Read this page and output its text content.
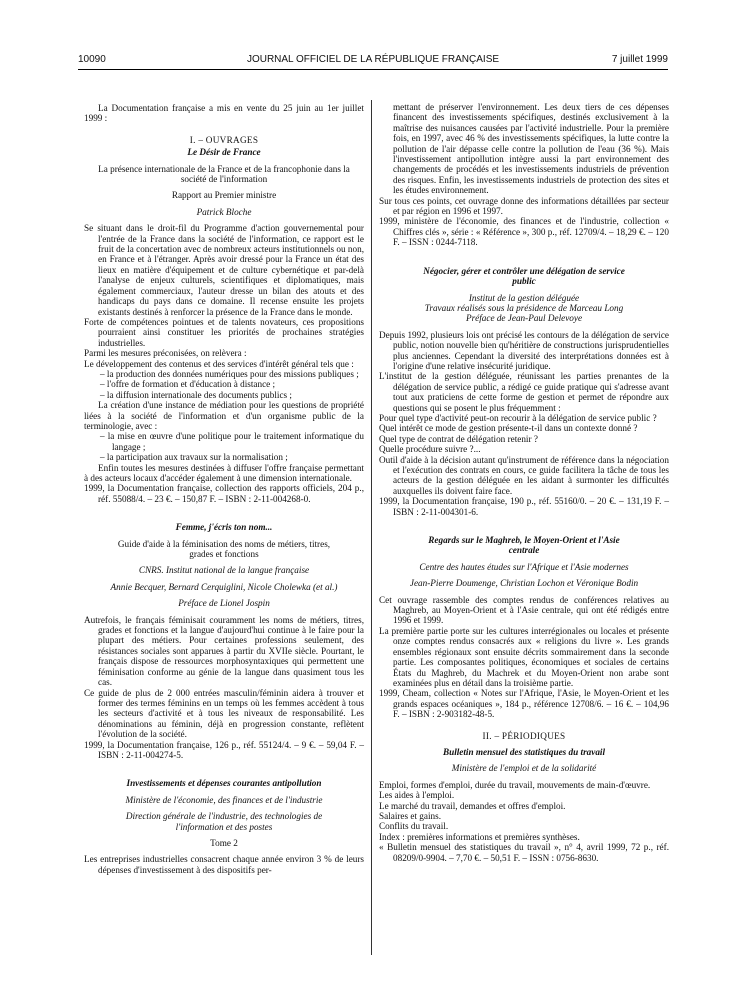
10090	JOURNAL OFFICIEL DE LA RÉPUBLIQUE FRANÇAISE	7 juillet 1999

La Documentation française a mis en vente du 25 juin au 1er juillet 1999 :

I. – OUVRAGES

Le Désir de France

La présence internationale de la France et de la francophonie dans la société de l'information

Rapport au Premier ministre

Patrick Bloche

Se situant dans le droit-fil du Programme d'action gouvernemental pour l'entrée de la France dans la société de l'information, ce rapport est le fruit de la concertation avec de nombreux acteurs institutionnels ou non, en France et à l'étranger. Après avoir dressé pour la France un état des lieux en matière d'équipement et de culture cybernétique et par-delà l'analyse de enjeux culturels, scientifiques et diplomatiques, mais également commerciaux, l'auteur dresse un bilan des atouts et des handicaps du pays dans ce domaine. Il recense ensuite les projets existants destinés à renforcer la présence de la France dans le monde.

Forte de compétences pointues et de talents novateurs, ces propositions pourraient ainsi constituer les priorités de prochaines stratégies industrielles.

Parmi les mesures préconisées, on relèvera :

Le développement des contenus et des services d'intérêt général tels que :

– la production des données numériques pour des missions publiques ;

– l'offre de formation et d'éducation à distance ;

– la diffusion internationale des documents publics ;

La création d'une instance de médiation pour les questions de propriété liées à la société de l'information et d'un organisme public de la terminologie, avec :

– la mise en œuvre d'une politique pour le traitement informatique du langage ;

– la participation aux travaux sur la normalisation ;

Enfin toutes les mesures destinées à diffuser l'offre française permettant à des acteurs locaux d'accéder également à une dimension internationale.

1999, la Documentation française, collection des rapports officiels, 204 p., réf. 55088/4. – 23 €. – 150,87 F. – ISBN : 2-11-004268-0.

Femme, j'écris ton nom...

Guide d'aide à la féminisation des noms de métiers, titres, grades et fonctions

CNRS. Institut national de la langue française

Annie Becquer, Bernard Cerquiglini, Nicole Cholewka (et al.)

Préface de Lionel Jospin

Autrefois, le français féminisait couramment les noms de métiers, titres, grades et fonctions et la langue d'aujourd'hui continue à le faire pour la plupart des métiers. Pour certaines professions seulement, des résistances sociales sont apparues à partir du XVIIe siècle. Pourtant, le français dispose de ressources morphosyntaxiques qui permettent une féminisation conforme au génie de la langue dans quasiment tous les cas.

Ce guide de plus de 2 000 entrées masculin/féminin aidera à trouver et former des termes féminins en un temps où les femmes accèdent à tous les secteurs d'activité et à tous les niveaux de responsabilité. Les dénominations au féminin, déjà en progression constante, reflètent l'évolution de la société.

1999, la Documentation française, 126 p., réf. 55124/4. – 9 €. – 59,04 F. – ISBN : 2-11-004274-5.

Investissements et dépenses courantes antipollution

Ministère de l'économie, des finances et de l'industrie

Direction générale de l'industrie, des technologies de l'information et des postes

Tome 2

Les entreprises industrielles consacrent chaque année environ 3 % de leurs dépenses d'investissement à des dispositifs per-

mettant de préserver l'environnement. Les deux tiers de ces dépenses financent des investissements spécifiques, destinés exclusivement à la maîtrise des nuisances causées par l'activité industrielle. Pour la première fois, en 1997, avec 46 % des investissements spécifiques, la lutte contre la pollution de l'air dépasse celle contre la pollution de l'eau (36 %). Mais l'investissement antipollution intègre aussi la part environnement des changements de procédés et les investissements industriels de prévention des risques. Enfin, les investissements industriels de protection des sites et les études environnement.

Sur tous ces points, cet ouvrage donne des informations détaillées par secteur et par région en 1996 et 1997.

1999, ministère de l'économie, des finances et de l'industrie, collection « Chiffres clés », série : « Référence », 300 p., réf. 12709/4. – 18,29 €. – 120 F. – ISSN : 0244-7118.

Négocier, gérer et contrôler une délégation de service public

Institut de la gestion déléguée

Travaux réalisés sous la présidence de Marceau Long

Préface de Jean-Paul Delevoye

Depuis 1992, plusieurs lois ont précisé les contours de la délégation de service public, notion nouvelle bien qu'héritière de constructions jurisprudentielles plus anciennes. Cependant la diversité des interprétations données est à l'origine d'une relative insécurité juridique.

L'institut de la gestion déléguée, réunissant les parties prenantes de la délégation de service public, a rédigé ce guide pratique qui s'adresse avant tout aux praticiens de cette forme de gestion et permet de répondre aux questions qui se posent le plus fréquemment :

Pour quel type d'activité peut-on recourir à la délégation de service public ?

Quel intérêt ce mode de gestion présente-t-il dans un contexte donné ?

Quel type de contrat de délégation retenir ?

Quelle procédure suivre ?...

Outil d'aide à la décision autant qu'instrument de référence dans la négociation et l'exécution des contrats en cours, ce guide facilitera la tâche de tous les acteurs de la gestion déléguée en les aidant à surmonter les difficultés auxquelles ils doivent faire face.

1999, la Documentation française, 190 p., réf. 55160/0. – 20 €. – 131,19 F. – ISBN : 2-11-004301-6.

Regards sur le Maghreb, le Moyen-Orient et l'Asie centrale

Centre des hautes études sur l'Afrique et l'Asie modernes

Jean-Pierre Doumenge, Christian Lochon et Véronique Bodin

Cet ouvrage rassemble des comptes rendus de conférences relatives au Maghreb, au Moyen-Orient et à l'Asie centrale, qui ont été rédigés entre 1996 et 1999.

La première partie porte sur les cultures interrégionales ou locales et présente onze comptes rendus consacrés aux « religions du livre ». Les grands ensembles régionaux sont ensuite décrits sommairement dans la seconde partie. Les composantes politiques, économiques et sociales de certains États du Maghreb, du Machrek et du Moyen-Orient non arabe sont examinées plus en détail dans la troisième partie.

1999, Cheam, collection « Notes sur l'Afrique, l'Asie, le Moyen-Orient et les grands espaces océaniques », 184 p., référence 12708/6. – 16 €. – 104,96 F. – ISBN : 2-903182-48-5.

II. – PÉRIODIQUES

Bulletin mensuel des statistiques du travail

Ministère de l'emploi et de la solidarité

Emploi, formes d'emploi, durée du travail, mouvements de main-d'œuvre.

Les aides à l'emploi.

Le marché du travail, demandes et offres d'emploi.

Salaires et gains.

Conflits du travail.

Index : premières informations et premières synthèses.

« Bulletin mensuel des statistiques du travail », n° 4, avril 1999, 72 p., réf. 08209/0-9904. – 7,70 €. – 50,51 F. – ISSN : 0756-8630.
